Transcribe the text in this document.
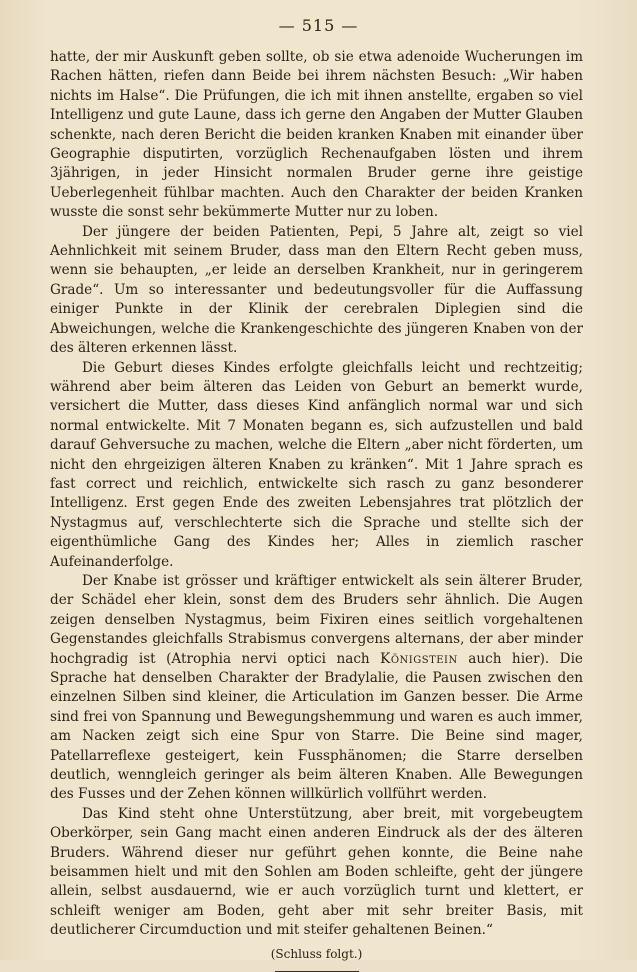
— 515 —

hatte, der mir Auskunft geben sollte, ob sie etwa adenoide Wucherungen im Rachen hätten, riefen dann Beide bei ihrem nächsten Besuch: „Wir haben nichts im Halse“. Die Prüfungen, die ich mit ihnen anstellte, ergaben so viel Intelligenz und gute Laune, dass ich gerne den Angaben der Mutter Glauben schenkte, nach deren Bericht die beiden kranken Knaben mit einander über Geographie disputirten, vorzüglich Rechenaufgaben lösten und ihrem 3jährigen, in jeder Hinsicht normalen Bruder gerne ihre geistige Ueberlegenheit fühlbar machten. Auch den Charakter der beiden Kranken wusste die sonst sehr bekümmerte Mutter nur zu loben.

Der jüngere der beiden Patienten, Pepi, 5 Jahre alt, zeigt so viel Aehnlichkeit mit seinem Bruder, dass man den Eltern Recht geben muss, wenn sie behaupten, „er leide an derselben Krankheit, nur in geringerem Grade“. Um so interessanter und bedeutungsvoller für die Auffassung einiger Punkte in der Klinik der cerebralen Diplegien sind die Abweichungen, welche die Krankengeschichte des jüngeren Knaben von der des älteren erkennen lässt.

Die Geburt dieses Kindes erfolgte gleichfalls leicht und rechtzeitig; während aber beim älteren das Leiden von Geburt an bemerkt wurde, versichert die Mutter, dass dieses Kind anfänglich normal war und sich normal entwickelte. Mit 7 Monaten begann es, sich aufzustellen und bald darauf Gehversuche zu machen, welche die Eltern „aber nicht förderten, um nicht den ehrgeizigen älteren Knaben zu kränken“. Mit 1 Jahre sprach es fast correct und reichlich, entwickelte sich rasch zu ganz besonderer Intelligenz. Erst gegen Ende des zweiten Lebensjahres trat plötzlich der Nystagmus auf, verschlechterte sich die Sprache und stellte sich der eigenthümliche Gang des Kindes her; Alles in ziemlich rascher Aufeinanderfolge.

Der Knabe ist grösser und kräftiger entwickelt als sein älterer Bruder, der Schädel eher klein, sonst dem des Bruders sehr ähnlich. Die Augen zeigen denselben Nystagmus, beim Fixiren eines seitlich vorgehaltenen Gegenstandes gleichfalls Strabismus convergens alternans, der aber minder hochgradig ist (Atrophia nervi optici nach Königstein auch hier). Die Sprache hat denselben Charakter der Bradylalie, die Pausen zwischen den einzelnen Silben sind kleiner, die Articulation im Ganzen besser. Die Arme sind frei von Spannung und Bewegungshemmung und waren es auch immer, am Nacken zeigt sich eine Spur von Starre. Die Beine sind mager, Patellarreflexe gesteigert, kein Fussphänomen; die Starre derselben deutlich, wenngleich geringer als beim älteren Knaben. Alle Bewegungen des Fusses und der Zehen können willkürlich vollführt werden.

Das Kind steht ohne Unterstützung, aber breit, mit vorgebeugtem Oberkörper, sein Gang macht einen anderen Eindruck als der des älteren Bruders. Während dieser nur geführt gehen konnte, die Beine nahe beisammen hielt und mit den Sohlen am Boden schleifte, geht der jüngere allein, selbst ausdauernd, wie er auch vorzüglich turnt und klettert, er schleift weniger am Boden, geht aber mit sehr breiter Basis, mit deutlicherer Circumduction und mit steifer gehaltenen Beinen.“

(Schluss folgt.)
